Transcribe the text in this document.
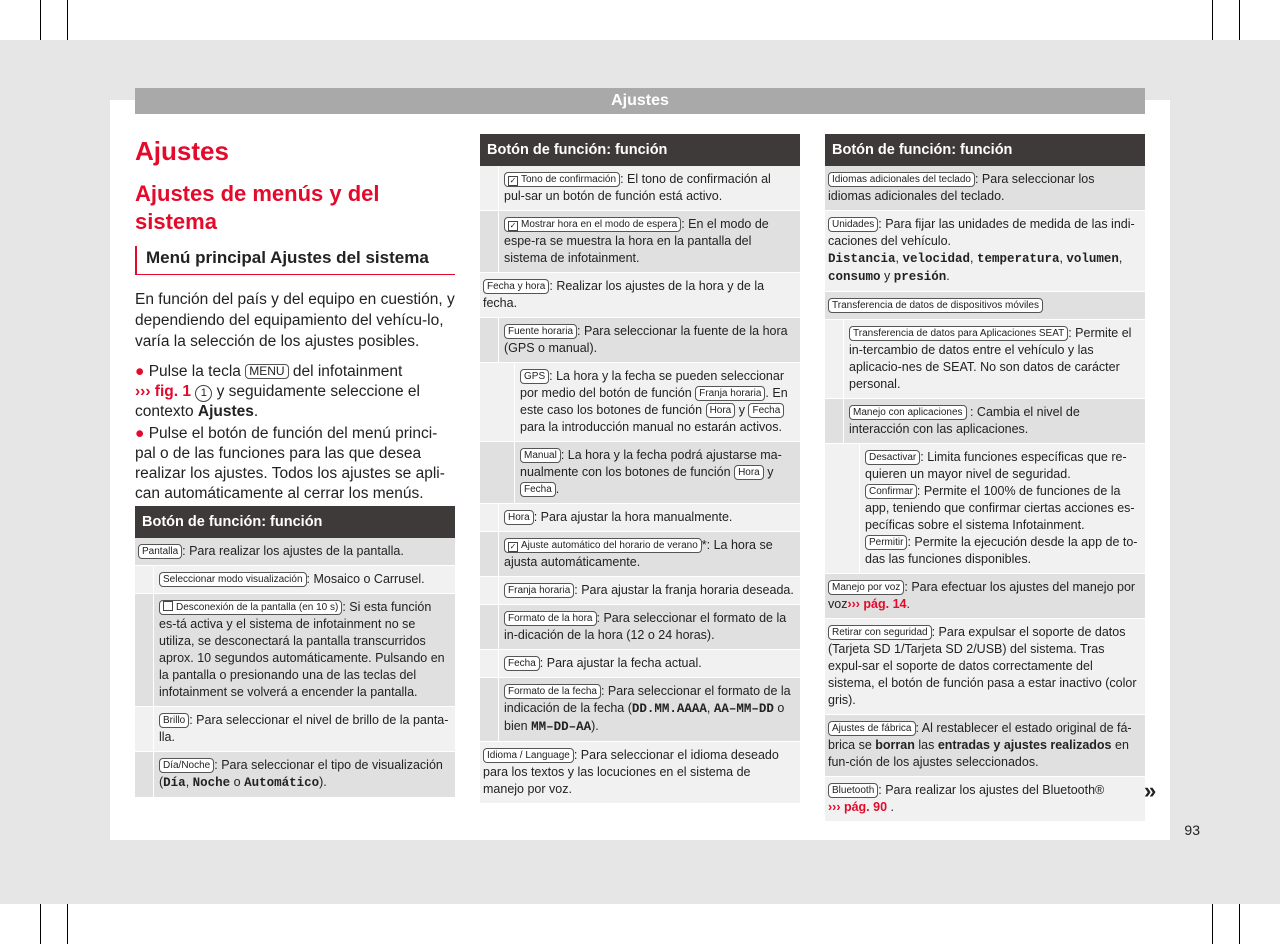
Ajustes
Ajustes
Ajustes de menús y del sistema
Menú principal Ajustes del sistema

En función del país y del equipo en cuestión, y dependiendo del equipamiento del vehícu-lo, varía la selección de los ajustes posibles.

● Pulse la tecla MENU del infotainment
››› fig. 1 1 y seguidamente seleccione el contexto Ajustes.

● Pulse el botón de función del menú princi-pal o de las funciones para las que desea realizar los ajustes. Todos los ajustes se apli-can automáticamente al cerrar los menús.

Botón de función: función
Pantalla : Para realizar los ajustes de la pantalla.
Seleccionar modo visualización : Mosaico o Carrusel.
Desconexión de la pantalla (en 10 s) : Si esta función es-tá activa y el sistema de infotainment no se utiliza, se desconectará la pantalla transcurridos aprox. 10 segundos automáticamente. Pulsando en la pantalla o presionando una de las teclas del infotainment se volverá a encender la pantalla.
Brillo : Para seleccionar el nivel de brillo de la panta-lla.
Día/Noche : Para seleccionar el tipo de visualización (Día, Noche o Automático).
Botón de función: función
✓ Tono de confirmación : El tono de confirmación al pul-sar un botón de función está activo.
✓ Mostrar hora en el modo de espera : En el modo de espe-ra se muestra la hora en la pantalla del sistema de infotainment.
Fecha y hora : Realizar los ajustes de la hora y de la fecha.
Fuente horaria : Para seleccionar la fuente de la hora (GPS o manual).
GPS : La hora y la fecha se pueden seleccionar por medio del botón de función Franja horaria . En este caso los botones de función Hora y Fecha para la introducción manual no estarán activos.
Manual : La hora y la fecha podrá ajustarse ma-nualmente con los botones de función Hora y Fecha .
Hora : Para ajustar la hora manualmente.
✓ Ajuste automático del horario de verano *: La hora se ajusta automáticamente.
Franja horaria : Para ajustar la franja horaria deseada.
Formato de la hora : Para seleccionar el formato de la in-dicación de la hora (12 o 24 horas).
Fecha : Para ajustar la fecha actual.
Formato de la fecha : Para seleccionar el formato de la indicación de la fecha (DD.MM.AAAA, AA–MM–DD o bien MM–DD–AA).
Idioma / Language : Para seleccionar el idioma deseado para los textos y las locuciones en el sistema de manejo por voz.
Botón de función: función
Idiomas adicionales del teclado : Para seleccionar los idiomas adicionales del teclado.
Unidades : Para fijar las unidades de medida de las indi-caciones del vehículo.
Distancia, velocidad, temperatura, volumen, consumo y presión.
Transferencia de datos de dispositivos móviles
Transferencia de datos para Aplicaciones SEAT : Permite el in-tercambio de datos entre el vehículo y las aplicacio-nes de SEAT. No son datos de carácter personal.
Manejo con aplicaciones : Cambia el nivel de interacción con las aplicaciones.
Desactivar : Limita funciones específicas que re-quieren un mayor nivel de seguridad.
Confirmar : Permite el 100% de funciones de la app, teniendo que confirmar ciertas acciones es-pecíficas sobre el sistema Infotainment.
Permitir : Permite la ejecución desde la app de to-das las funciones disponibles.
Manejo por voz : Para efectuar los ajustes del manejo por voz››› pág. 14.
Retirar con seguridad : Para expulsar el soporte de datos (Tarjeta SD 1/Tarjeta SD 2/USB) del sistema. Tras expul-sar el soporte de datos correctamente del sistema, el botón de función pasa a estar inactivo (color gris).
Ajustes de fábrica : Al restablecer el estado original de fá-brica se borran las entradas y ajustes realizados en fun-ción de los ajustes seleccionados.
Bluetooth : Para realizar los ajustes del Bluetooth®
››› pág. 90 .
»
93
